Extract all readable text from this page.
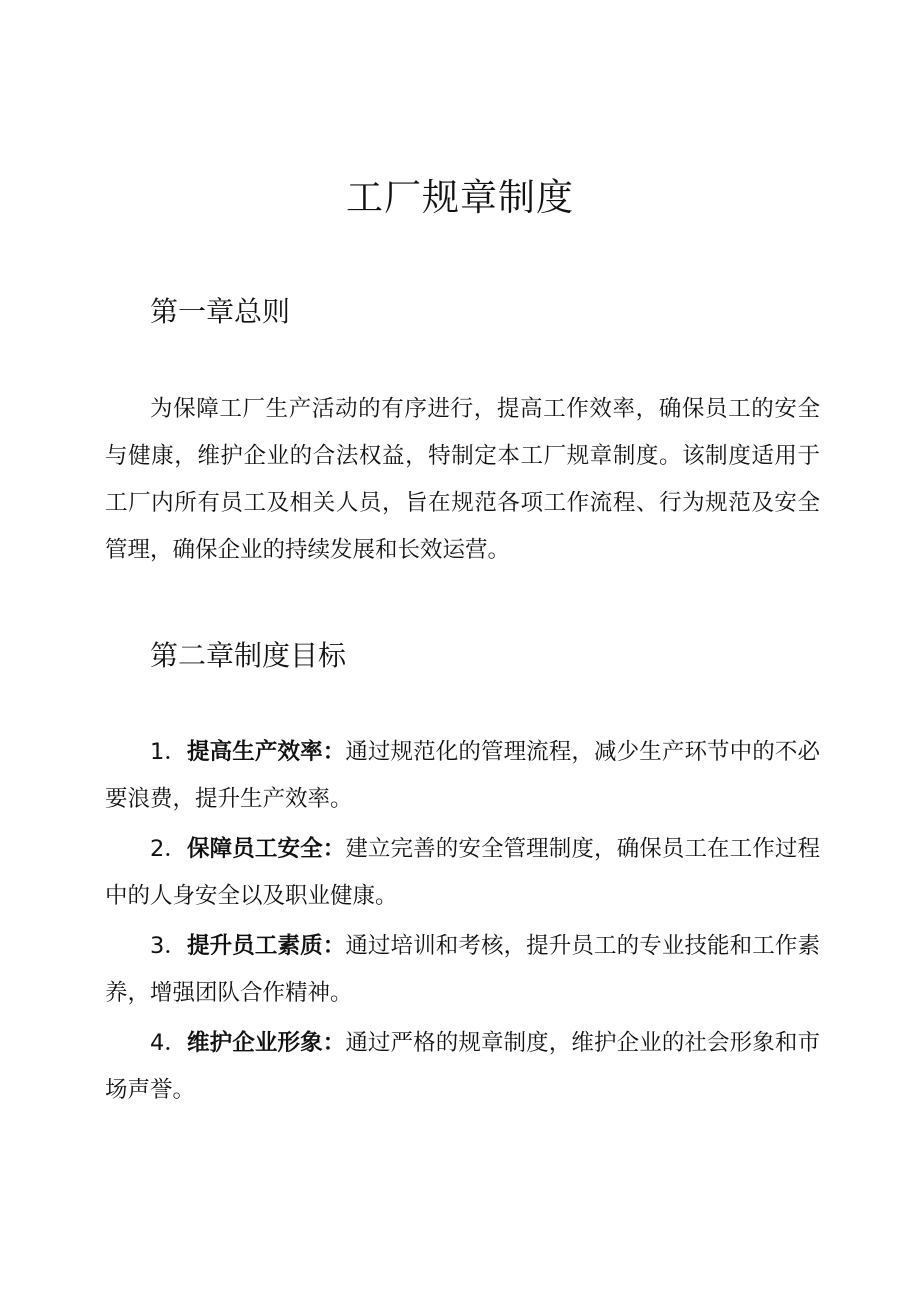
工厂规章制度
第一章总则

为保障工厂生产活动的有序进行，提高工作效率，确保员工的安全与健康，维护企业的合法权益，特制定本工厂规章制度。该制度适用于工厂内所有员工及相关人员，旨在规范各项工作流程、行为规范及安全管理，确保企业的持续发展和长效运营。

第二章制度目标

1．提高生产效率：通过规范化的管理流程，减少生产环节中的不必要浪费，提升生产效率。

2．保障员工安全：建立完善的安全管理制度，确保员工在工作过程中的人身安全以及职业健康。

3．提升员工素质：通过培训和考核，提升员工的专业技能和工作素养，增强团队合作精神。

4．维护企业形象：通过严格的规章制度，维护企业的社会形象和市场声誉。
